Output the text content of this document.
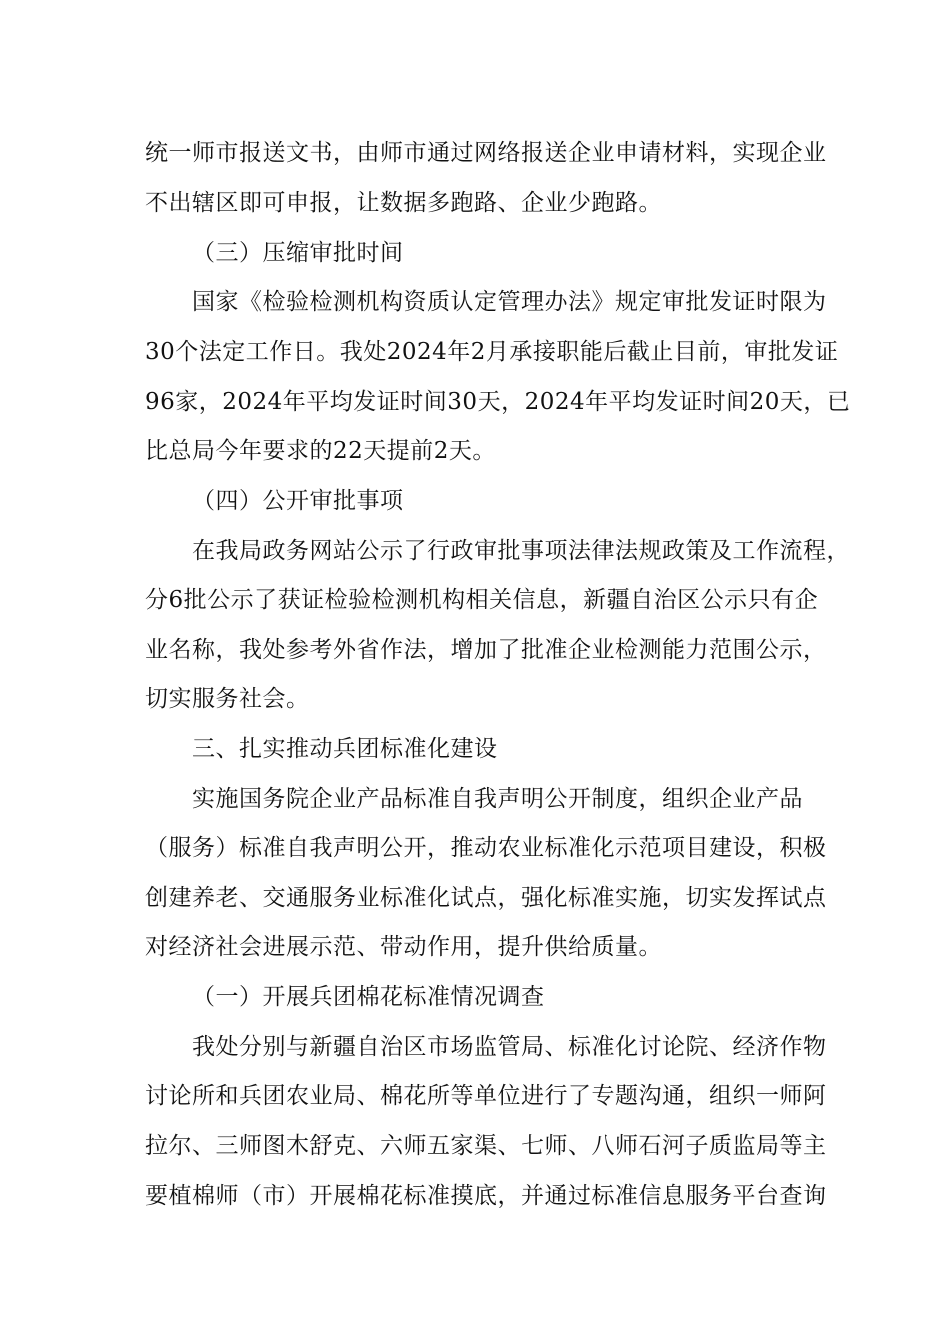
统一师市报送文书，由师市通过网络报送企业申请材料，实现企业
不出辖区即可申报，让数据多跑路、企业少跑路。
（三）压缩审批时间
国家《检验检测机构资质认定管理办法》规定审批发证时限为
30个法定工作日。我处2024年2月承接职能后截止目前，审批发证
96家，2024年平均发证时间30天，2024年平均发证时间20天，已
比总局今年要求的22天提前2天。
（四）公开审批事项
在我局政务网站公示了行政审批事项法律法规政策及工作流程，
分6批公示了获证检验检测机构相关信息，新疆自治区公示只有企
业名称，我处参考外省作法，增加了批准企业检测能力范围公示，
切实服务社会。
三、扎实推动兵团标准化建设
实施国务院企业产品标准自我声明公开制度，组织企业产品
（服务）标准自我声明公开，推动农业标准化示范项目建设，积极
创建养老、交通服务业标准化试点，强化标准实施，切实发挥试点
对经济社会进展示范、带动作用，提升供给质量。
（一）开展兵团棉花标准情况调查
我处分别与新疆自治区市场监管局、标准化讨论院、经济作物
讨论所和兵团农业局、棉花所等单位进行了专题沟通，组织一师阿
拉尔、三师图木舒克、六师五家渠、七师、八师石河子质监局等主
要植棉师（市）开展棉花标准摸底，并通过标准信息服务平台查询
